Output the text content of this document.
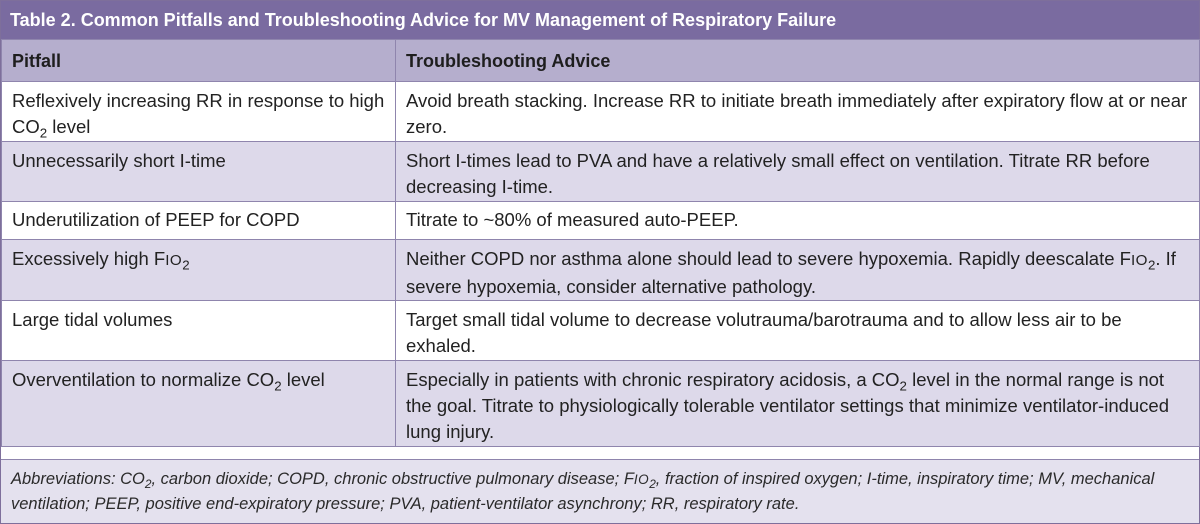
Table 2. Common Pitfalls and Troubleshooting Advice for MV Management of Respiratory Failure
Pitfall	Troubleshooting Advice
Reflexively increasing RR in response to high $CO_2$ level	Avoid breath stacking. Increase RR to initiate breath immediately after expiratory flow at or near zero.
Unnecessarily short I-time	Short I-times lead to PVA and have a relatively small effect on ventilation. Titrate RR before decreasing I-time.
Underutilization of PEEP for COPD	Titrate to ~80% of measured auto-PEEP.
Excessively high $FIO_2$	Neither COPD nor asthma alone should lead to severe hypoxemia. Rapidly deescalate $FIO_2$. If severe hypoxemia, consider alternative pathology.
Large tidal volumes	Target small tidal volume to decrease volutrauma/barotrauma and to allow less air to be exhaled.
Overventilation to normalize $CO_2$ level	Especially in patients with chronic respiratory acidosis, a $CO_2$ level in the normal range is not the goal. Titrate to physiologically tolerable ventilator settings that minimize ventilator-induced lung injury.
Abbreviations: $CO_2$, carbon dioxide; COPD, chronic obstructive pulmonary disease; $FIO_2$, fraction of inspired oxygen; I-time, inspiratory time; MV, mechanical ventilation; PEEP, positive end-expiratory pressure; PVA, patient-ventilator asynchrony; RR, respiratory rate.
